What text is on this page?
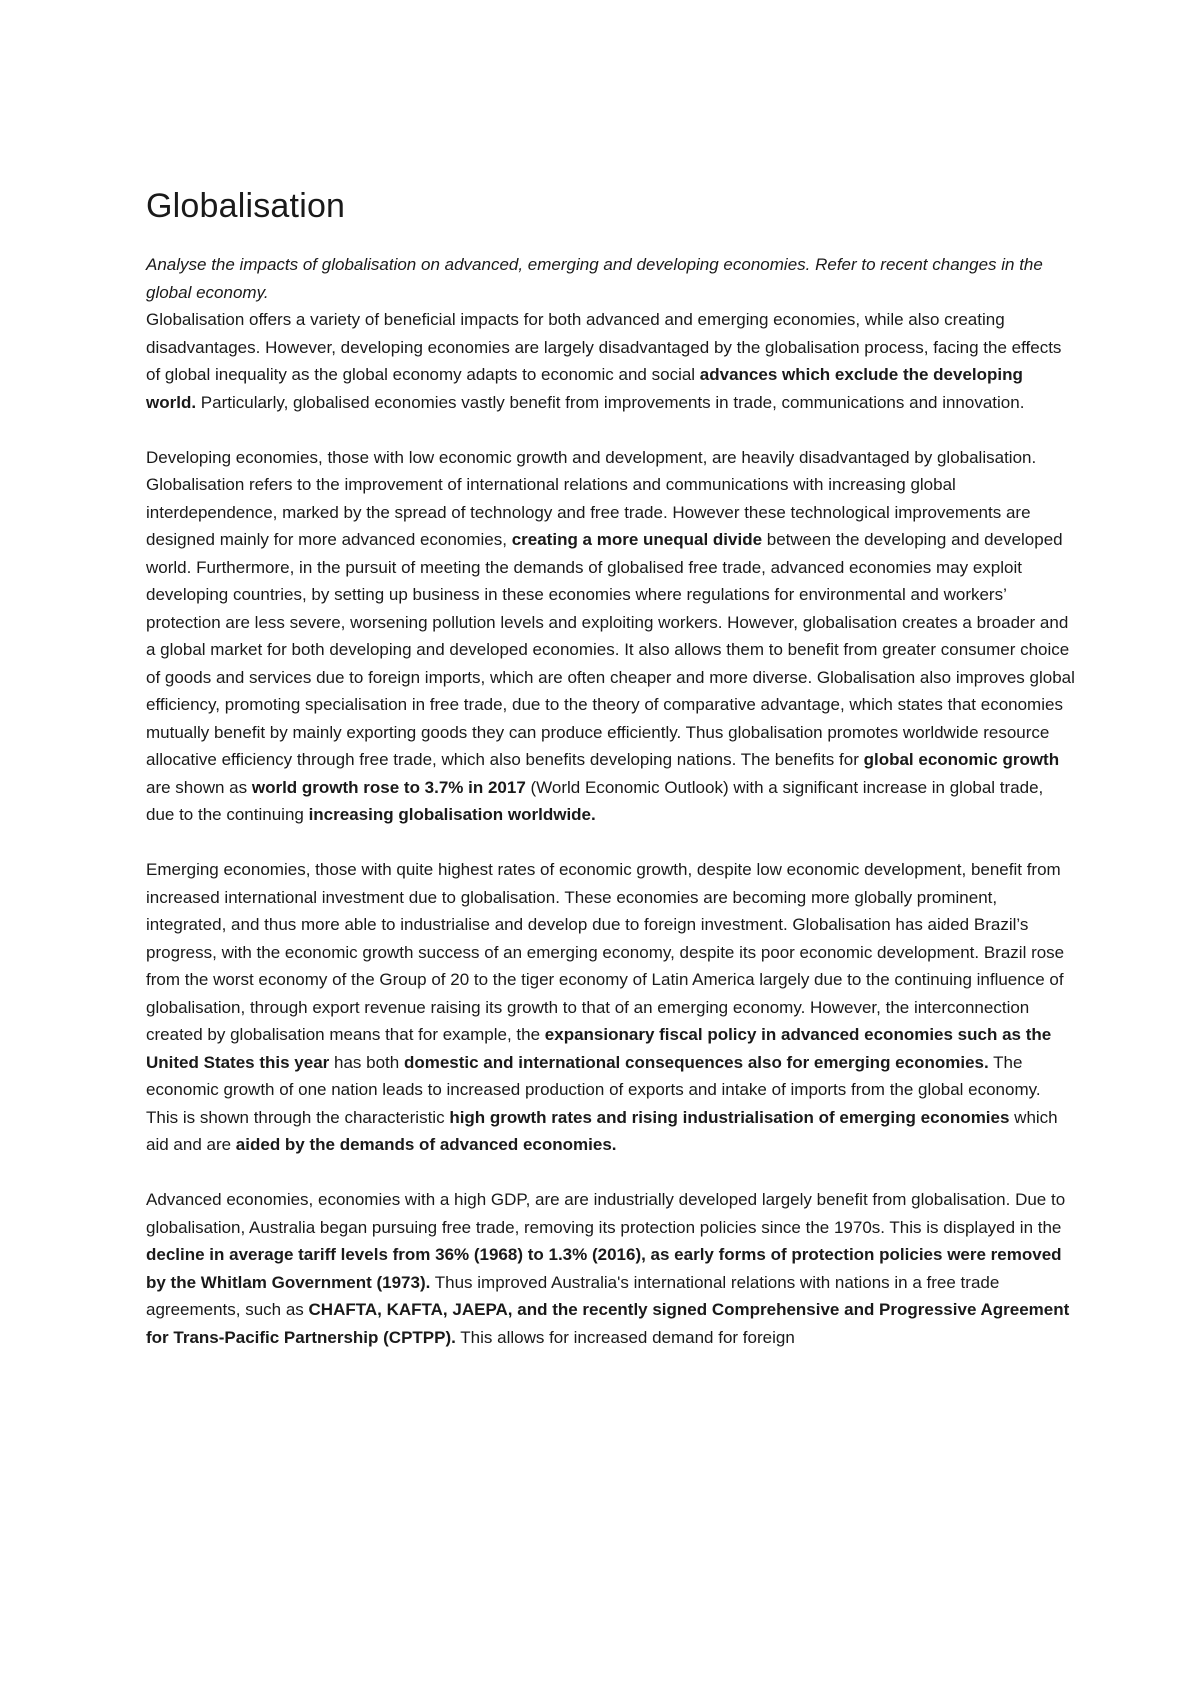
Globalisation

Analyse the impacts of globalisation on advanced, emerging and developing economies. Refer to recent changes in the global economy.

Globalisation offers a variety of beneficial impacts for both advanced and emerging economies, while also creating disadvantages. However, developing economies are largely disadvantaged by the globalisation process, facing the effects of global inequality as the global economy adapts to economic and social advances which exclude the developing world. Particularly, globalised economies vastly benefit from improvements in trade, communications and innovation.

Developing economies, those with low economic growth and development, are heavily disadvantaged by globalisation. Globalisation refers to the improvement of international relations and communications with increasing global interdependence, marked by the spread of technology and free trade. However these technological improvements are designed mainly for more advanced economies, creating a more unequal divide between the developing and developed world. Furthermore, in the pursuit of meeting the demands of globalised free trade, advanced economies may exploit developing countries, by setting up business in these economies where regulations for environmental and workers’ protection are less severe, worsening pollution levels and exploiting workers. However, globalisation creates a broader and a global market for both developing and developed economies. It also allows them to benefit from greater consumer choice of goods and services due to foreign imports, which are often cheaper and more diverse. Globalisation also improves global efficiency, promoting specialisation in free trade, due to the theory of comparative advantage, which states that economies mutually benefit by mainly exporting goods they can produce efficiently. Thus globalisation promotes worldwide resource allocative efficiency through free trade, which also benefits developing nations. The benefits for global economic growth are shown as world growth rose to 3.7% in 2017 (World Economic Outlook) with a significant increase in global trade, due to the continuing increasing globalisation worldwide.

Emerging economies, those with quite highest rates of economic growth, despite low economic development, benefit from increased international investment due to globalisation. These economies are becoming more globally prominent, integrated, and thus more able to industrialise and develop due to foreign investment. Globalisation has aided Brazil’s progress, with the economic growth success of an emerging economy, despite its poor economic development. Brazil rose from the worst economy of the Group of 20 to the tiger economy of Latin America largely due to the continuing influence of globalisation, through export revenue raising its growth to that of an emerging economy. However, the interconnection created by globalisation means that for example, the expansionary fiscal policy in advanced economies such as the United States this year has both domestic and international consequences also for emerging economies. The economic growth of one nation leads to increased production of exports and intake of imports from the global economy. This is shown through the characteristic high growth rates and rising industrialisation of emerging economies which aid and are aided by the demands of advanced economies.

Advanced economies, economies with a high GDP, are are industrially developed largely benefit from globalisation. Due to globalisation, Australia began pursuing free trade, removing its protection policies since the 1970s. This is displayed in the decline in average tariff levels from 36% (1968) to 1.3% (2016), as early forms of protection policies were removed by the Whitlam Government (1973). Thus improved Australia's international relations with nations in a free trade agreements, such as CHAFTA, KAFTA, JAEPA, and the recently signed Comprehensive and Progressive Agreement for Trans-Pacific Partnership (CPTPP). This allows for increased demand for foreign
